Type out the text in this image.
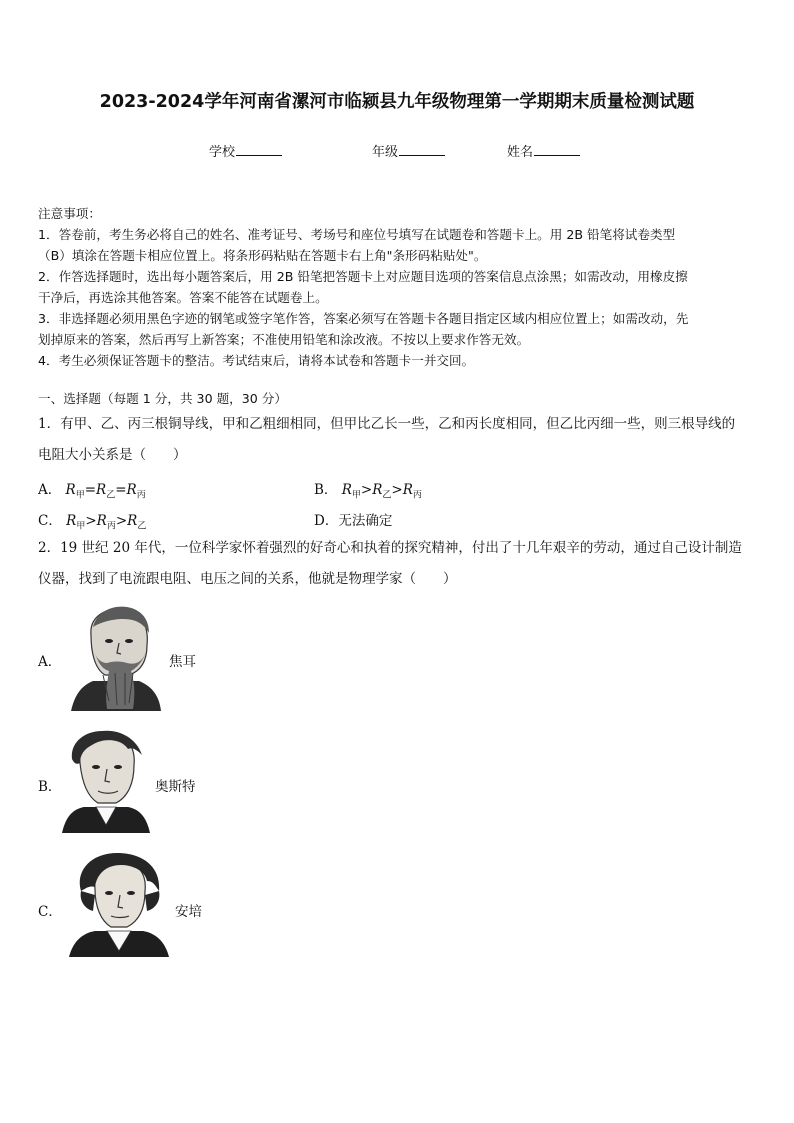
2023-2024学年河南省漯河市临颍县九年级物理第一学期期末质量检测试题
学校	年级	姓名

注意事项：

1．答卷前，考生务必将自己的姓名、准考证号、考场号和座位号填写在试题卷和答题卡上。用 2B 铅笔将试卷类型

（B）填涂在答题卡相应位置上。将条形码粘贴在答题卡右上角"条形码粘贴处"。

2．作答选择题时，选出每小题答案后，用 2B 铅笔把答题卡上对应题目选项的答案信息点涂黑；如需改动，用橡皮擦

干净后，再选涂其他答案。答案不能答在试题卷上。

3．非选择题必须用黑色字迹的钢笔或签字笔作答，答案必须写在答题卡各题目指定区域内相应位置上；如需改动，先

划掉原来的答案，然后再写上新答案；不准使用铅笔和涂改液。不按以上要求作答无效。

4．考生必须保证答题卡的整洁。考试结束后，请将本试卷和答题卡一并交回。

一、选择题（每题 1 分，共 30 题，30 分）
1．有甲、乙、丙三根铜导线，甲和乙粗细相同，但甲比乙长一些，乙和丙长度相同，但乙比丙细一些，则三根导线的
电阻大小关系是（　　）
A． $R_甲=R_乙=R_丙$	B． $R_甲>R_乙>R_丙$
C． $R_甲>R_丙>R_乙$	D．无法确定
2．19 世纪 20 年代，一位科学家怀着强烈的好奇心和执着的探究精神，付出了十几年艰辛的劳动，通过自己设计制造
仪器，找到了电流跟电阻、电压之间的关系，他就是物理学家（　　）
A．	焦耳
B．	奥斯特
C．	安培
